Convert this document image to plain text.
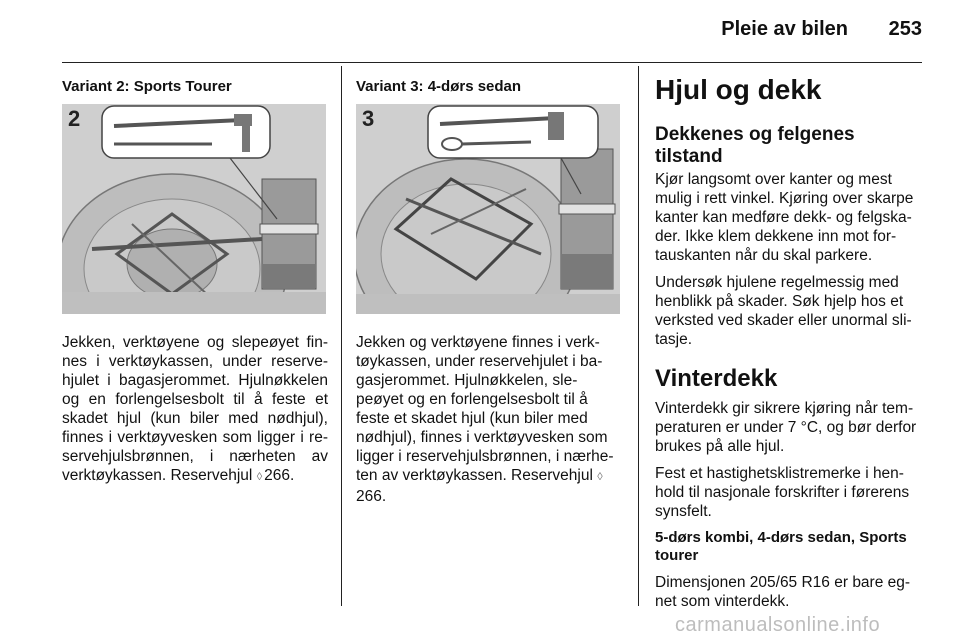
Pleie av bilen	253

Variant 2: Sports Tourer

2

Jekken, verktøyene og slepeøyet fin-nes i verktøykassen, under reserve-hjulet i bagasjerommet. Hjulnøkkelen og en forlengelsesbolt til å feste et skadet hjul (kun biler med nødhjul), finnes i verktøyvesken som ligger i re-servehjulsbrønnen, i nærheten av verktøykassen. Reservehjul ◊ 266.

Variant 3: 4-dørs sedan

3

Jekken og verktøyene finnes i verk-tøykassen, under reservehjulet i ba-gasjerommet. Hjulnøkkelen, sle-peøyet og en forlengelsesbolt til å feste et skadet hjul (kun biler med nødhjul), finnes i verktøyvesken som ligger i reservehjulsbrønnen, i nærhe-ten av verktøykassen. Reservehjul ◊266.

Hjul og dekk

Dekkenes og felgenes tilstand

Kjør langsomt over kanter og mest mulig i rett vinkel. Kjøring over skarpe kanter kan medføre dekk- og felgska-der. Ikke klem dekkene inn mot for-tauskanten når du skal parkere.

Undersøk hjulene regelmessig med henblikk på skader. Søk hjelp hos et verksted ved skader eller unormal sli-tasje.

Vinterdekk

Vinterdekk gir sikrere kjøring når tem-peraturen er under 7 °C, og bør derfor brukes på alle hjul.

Fest et hastighetsklistremerke i hen-hold til nasjonale forskrifter i førerens synsfelt.

5-dørs kombi, 4-dørs sedan, Sports tourer

Dimensjonen 205/65 R16 er bare eg-net som vinterdekk.

carmanualsonline.info
